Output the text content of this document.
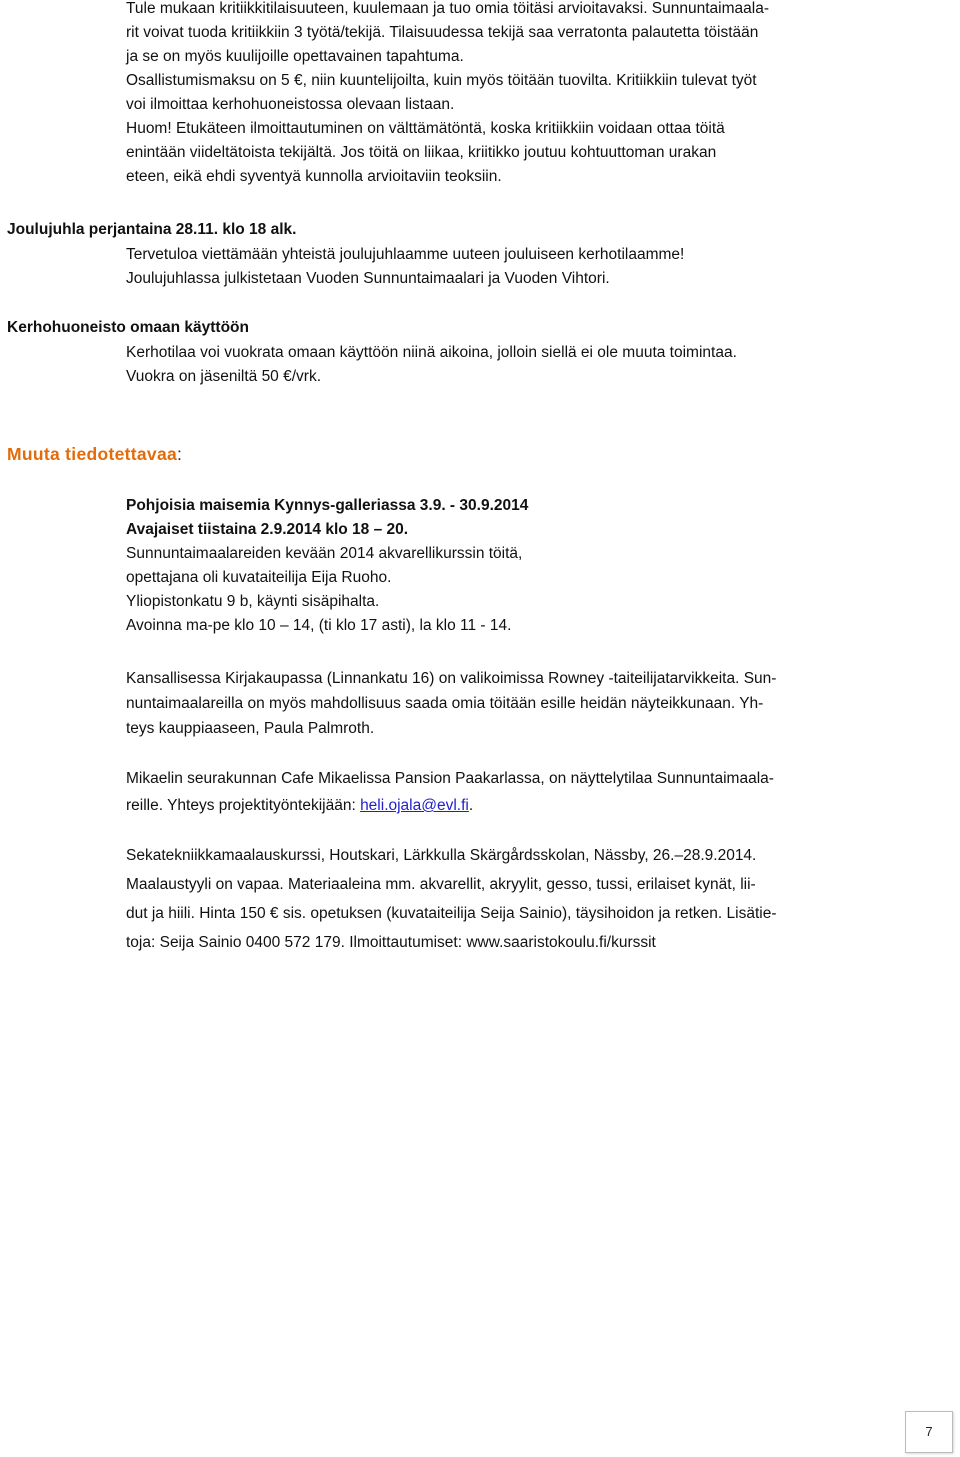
Tule mukaan kritiikkitilaisuuteen, kuulemaan ja tuo omia töitäsi arvioitavaksi. Sunnuntaimaala-
rit voivat tuoda kritiikkiin 3 työtä/tekijä. Tilaisuudessa tekijä saa verratonta palautetta töistään
ja se on myös kuulijoille opettavainen tapahtuma.
Osallistumismaksu on 5 €, niin kuuntelijoilta, kuin myös töitään tuovilta. Kritiikkiin tulevat työt
voi ilmoittaa kerhohuoneistossa olevaan listaan.
Huom! Etukäteen ilmoittautuminen on välttämätöntä, koska kritiikkiin voidaan ottaa töitä
enintään viideltätoista tekijältä. Jos töitä on liikaa, kriitikko joutuu kohtuuttoman urakan
eteen, eikä ehdi syventyä kunnolla arvioitaviin teoksiin.
Joulujuhla perjantaina 28.11. klo 18 alk.
Tervetuloa viettämään yhteistä joulujuhlaamme uuteen jouluiseen kerhotilaamme!
Joulujuhlassa julkistetaan Vuoden Sunnuntaimaalari ja Vuoden Vihtori.
Kerhohuoneisto omaan käyttöön
Kerhotilaa voi vuokrata omaan käyttöön niinä aikoina, jolloin siellä ei ole muuta toimintaa.
Vuokra on jäseniltä 50 €/vrk.
Muuta tiedotettavaa:
Pohjoisia maisemia Kynnys-galleriassa 3.9. - 30.9.2014
Avajaiset tiistaina 2.9.2014 klo 18 – 20.
Sunnuntaimaalareiden kevään 2014 akvarellikurssin töitä,
opettajana oli kuvataiteilija Eija Ruoho.
Yliopistonkatu 9 b, käynti sisäpihalta.
Avoinna ma-pe klo 10 – 14, (ti klo 17 asti), la klo 11 - 14.
Kansallisessa Kirjakaupassa (Linnankatu 16) on valikoimissa Rowney -taiteilijatarvikkeita. Sun-
nuntaimaalareilla on myös mahdollisuus saada omia töitään esille heidän näyteikkunaan. Yh-
teys kauppiaaseen, Paula Palmroth.
Mikaelin seurakunnan Cafe Mikaelissa Pansion Paakarlassa, on näyttelytilaa Sunnuntaimaala-
reille. Yhteys projektityöntekijään: heli.ojala@evl.fi.
Sekatekniikkamaalauskurssi, Houtskari, Lärkkulla Skärgårdsskolan, Nässby, 26.–28.9.2014.
Maalaustyyli on vapaa. Materiaaleina mm. akvarellit, akryylit, gesso, tussi, erilaiset kynät, lii-
dut ja hiili. Hinta 150 € sis. opetuksen (kuvataiteilija Seija Sainio), täysihoidon ja retken. Lisätie-
toja: Seija Sainio 0400 572 179. Ilmoittautumiset: www.saaristokoulu.fi/kurssit
7
